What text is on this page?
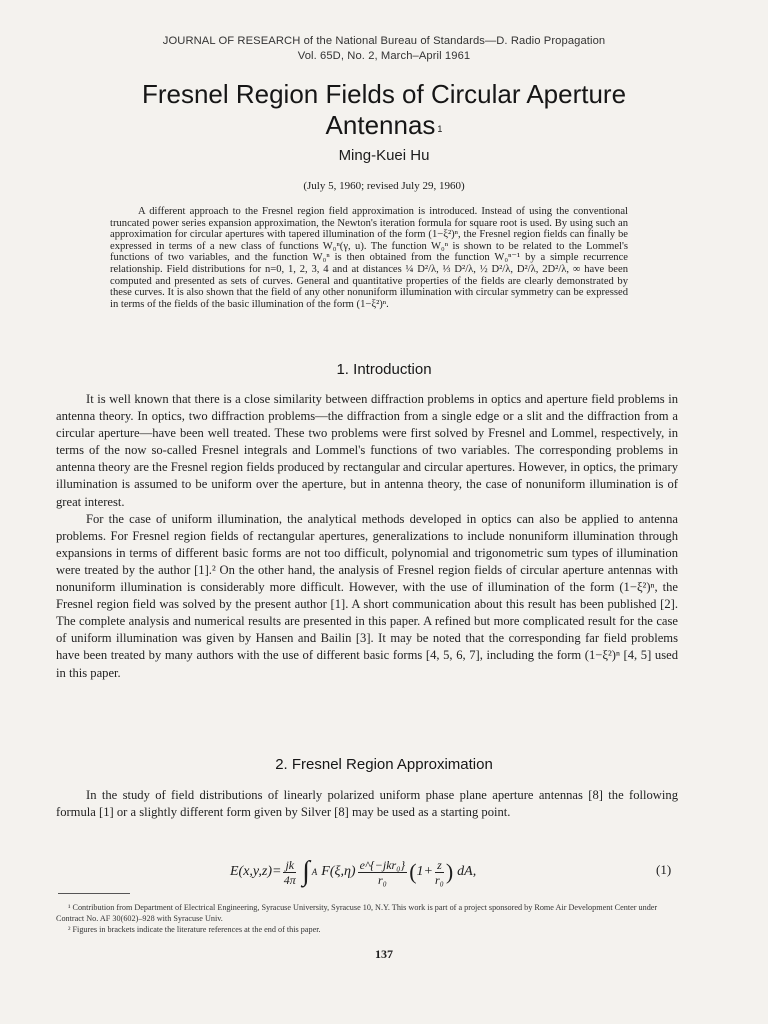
JOURNAL OF RESEARCH of the National Bureau of Standards—D. Radio Propagation
Vol. 65D, No. 2, March–April 1961
Fresnel Region Fields of Circular Aperture
Antennas $^1$
Ming-Kuei Hu
(July 5, 1960; revised July 29, 1960)
A different approach to the Fresnel region field approximation is introduced. Instead of using the conventional truncated power series expansion approximation, the Newton's iteration formula for square root is used. By using such an approximation for circular apertures with tapered illumination of the form (1−ξ²)ⁿ, the Fresnel region fields can finally be expressed in terms of a new class of functions W₀ⁿ(γ, u). The function W₀ⁿ is shown to be related to the Lommel's functions of two variables, and the function W₀ⁿ is then obtained from the function W₀ⁿ⁻¹ by a simple recurrence relationship. Field distributions for n=0, 1, 2, 3, 4 and at distances ¼ D²/λ, ⅓ D²/λ, ½ D²/λ, D²/λ, 2D²/λ, ∞ have been computed and presented as sets of curves. General and quantitative properties of the fields are clearly demonstrated by these curves. It is also shown that the field of any other nonuniform illumination with circular symmetry can be expressed in terms of the fields of the basic illumination of the form (1−ξ²)ⁿ.
1. Introduction

It is well known that there is a close similarity between diffraction problems in optics and aperture field problems in antenna theory. In optics, two diffraction problems—the diffraction from a single edge or a slit and the diffraction from a circular aperture—have been well treated. These two problems were first solved by Fresnel and Lommel, respectively, in terms of the now so-called Fresnel integrals and Lommel's functions of two variables. The corresponding problems in antenna theory are the Fresnel region fields produced by rectangular and circular apertures. However, in optics, the primary illumination is assumed to be uniform over the aperture, but in antenna theory, the case of nonuniform illumination is of great interest.

For the case of uniform illumination, the analytical methods developed in optics can also be applied to antenna problems. For Fresnel region fields of rectangular apertures, generalizations to include nonuniform illumination through expansions in terms of different basic forms are not too difficult, polynomial and trigonometric sum types of illumination were treated by the author [1].² On the other hand, the analysis of Fresnel region fields of circular aperture antennas with nonuniform illumination is considerably more difficult. However, with the use of illumination of the form (1−ξ²)ⁿ, the Fresnel region field was solved by the present author [1]. A short communication about this result has been published [2]. The complete analysis and numerical results are presented in this paper. A refined but more complicated result for the case of uniform illumination was given by Hansen and Bailin [3]. It may be noted that the corresponding far field problems have been treated by many authors with the use of different basic forms [4, 5, 6, 7], including the form (1−ξ²)ⁿ [4, 5] used in this paper.

2. Fresnel Region Approximation

In the study of field distributions of linearly polarized uniform phase plane aperture antennas [8] the following formula [1] or a slightly different form given by Silver [8] may be used as a starting point.

$E(x,y,z)= \frac{jk}{4\pi}$ ∫ A $F(\xi,\eta) \frac{\text{e\textasciicircum{}\{−jkr₀\}}}{\text{r₀}}$ ( $1+ \frac{z}{\text{r₀}}$ ) dA,	(1)

¹ Contribution from Department of Electrical Engineering, Syracuse University, Syracuse 10, N.Y. This work is part of a project sponsored by Rome Air Development Center under Contract No. AF 30(602)–928 with Syracuse Univ.

² Figures in brackets indicate the literature references at the end of this paper.

137
